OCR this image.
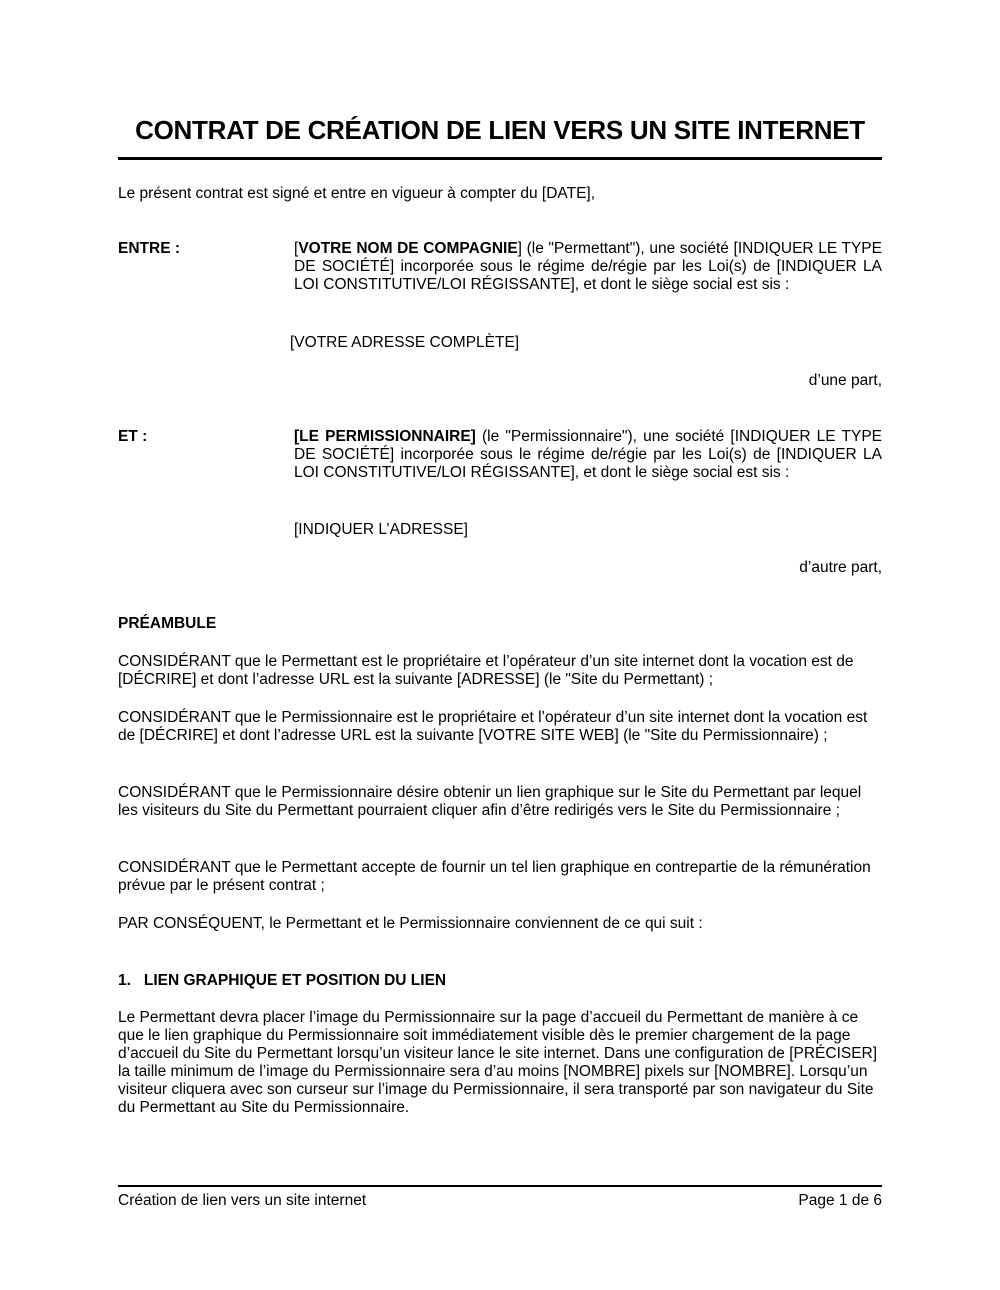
CONTRAT DE CRÉATION DE LIEN VERS UN SITE INTERNET
Le présent contrat est signé et entre en vigueur à compter du [DATE],
ENTRE :	[VOTRE NOM DE COMPAGNIE] (le "Permettant"), une société [INDIQUER LE TYPE DE SOCIÉTÉ] incorporée sous le régime de/régie par les Loi(s) de [INDIQUER LA LOI CONSTITUTIVE/LOI RÉGISSANTE], et dont le siège social est sis :
[VOTRE ADRESSE COMPLÈTE]
d’une part,
ET :	[LE PERMISSIONNAIRE] (le "Permissionnaire"), une société [INDIQUER LE TYPE DE SOCIÉTÉ] incorporée sous le régime de/régie par les Loi(s) de [INDIQUER LA LOI CONSTITUTIVE/LOI RÉGISSANTE], et dont le siège social est sis :
[INDIQUER L’ADRESSE]
d’autre part,
PRÉAMBULE
CONSIDÉRANT que le Permettant est le propriétaire et l’opérateur d’un site internet dont la vocation est de [DÉCRIRE] et dont l’adresse URL est la suivante [ADRESSE] (le "Site du Permettant) ;
CONSIDÉRANT que le Permissionnaire est le propriétaire et l’opérateur d’un site internet dont la vocation est de [DÉCRIRE] et dont l’adresse URL est la suivante [VOTRE SITE WEB] (le "Site du Permissionnaire) ;
CONSIDÉRANT que le Permissionnaire désire obtenir un lien graphique sur le Site du Permettant par lequel les visiteurs du Site du Permettant pourraient cliquer afin d’être redirigés vers le Site du Permissionnaire ;
CONSIDÉRANT que le Permettant accepte de fournir un tel lien graphique en contrepartie de la rémunération prévue par le présent contrat ;
PAR CONSÉQUENT, le Permettant et le Permissionnaire conviennent de ce qui suit :
1.   LIEN GRAPHIQUE ET POSITION DU LIEN
Le Permettant devra placer l’image du Permissionnaire sur la page d’accueil du Permettant de manière à ce que le lien graphique du Permissionnaire soit immédiatement visible dès le premier chargement de la page d’accueil du Site du Permettant lorsqu’un visiteur lance le site internet. Dans une configuration de [PRÉCISER] la taille minimum de l’image du Permissionnaire sera d’au moins [NOMBRE] pixels sur [NOMBRE]. Lorsqu’un visiteur cliquera avec son curseur sur l’image du Permissionnaire, il sera transporté par son navigateur du Site du Permettant au Site du Permissionnaire.
Création de lien vers un site internet	Page 1 de 6
